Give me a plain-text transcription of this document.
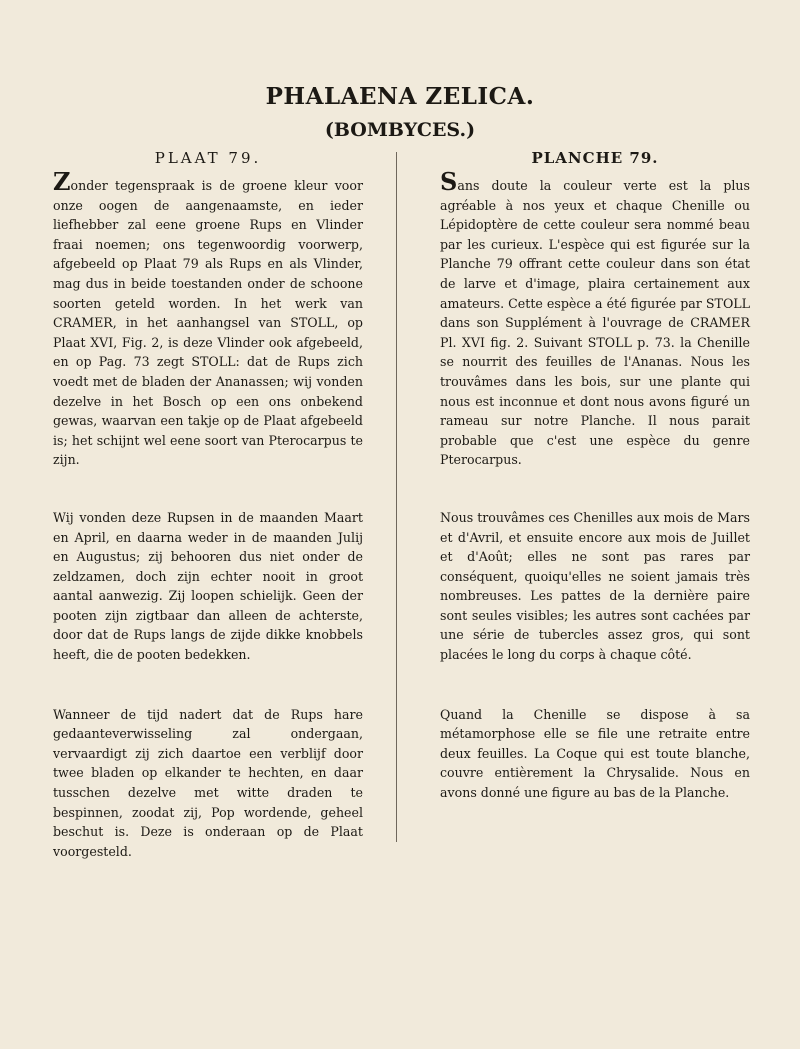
PHALAENA ZELICA.
(BOMBYCES.)
PLAAT 79.

Zonder tegenspraak is de groene kleur voor onze oogen de aangenaamste, en ieder liefhebber zal eene groene Rups en Vlinder fraai noemen; ons tegenwoordig voorwerp, afgebeeld op Plaat 79 als Rups en als Vlinder, mag dus in beide toestanden onder de schoone soorten geteld worden. In het werk van CRAMER, in het aanhangsel van STOLL, op Plaat XVI, Fig. 2, is deze Vlinder ook afgebeeld, en op Pag. 73 zegt STOLL: dat de Rups zich voedt met de bladen der Ananassen; wij vonden dezelve in het Bosch op een ons onbekend gewas, waarvan een takje op de Plaat afgebeeld is; het schijnt wel eene soort van Pterocarpus te zijn.

Wij vonden deze Rupsen in de maanden Maart en April, en daarna weder in de maanden Julij en Augustus; zij behooren dus niet onder de zeldzamen, doch zijn echter nooit in groot aantal aanwezig. Zij loopen schielijk. Geen der pooten zijn zigtbaar dan alleen de achterste, door dat de Rups langs de zijde dikke knobbels heeft, die de pooten bedekken.

Wanneer de tijd nadert dat de Rups hare gedaanteverwisseling zal ondergaan, vervaardigt zij zich daartoe een verblijf door twee bladen op elkander te hechten, en daar tusschen dezelve met witte draden te bespinnen, zoodat zij, Pop wordende, geheel beschut is. Deze is onderaan op de Plaat voorgesteld.

PLANCHE 79.

Sans doute la couleur verte est la plus agréable à nos yeux et chaque Chenille ou Lépidoptère de cette couleur sera nommé beau par les curieux. L'espèce qui est figurée sur la Planche 79 offrant cette couleur dans son état de larve et d'image, plaira certainement aux amateurs. Cette espèce a été figurée par STOLL dans son Supplément à l'ouvrage de CRAMER Pl. XVI fig. 2. Suivant STOLL p. 73. la Chenille se nourrit des feuilles de l'Ananas. Nous les trouvâmes dans les bois, sur une plante qui nous est inconnue et dont nous avons figuré un rameau sur notre Planche. Il nous parait probable que c'est une espèce du genre Pterocarpus.

Nous trouvâmes ces Chenilles aux mois de Mars et d'Avril, et ensuite encore aux mois de Juillet et d'Août; elles ne sont pas rares par conséquent, quoiqu'elles ne soient jamais très nombreuses. Les pattes de la dernière paire sont seules visibles; les autres sont cachées par une série de tubercles assez gros, qui sont placées le long du corps à chaque côté.

Quand la Chenille se dispose à sa métamorphose elle se file une retraite entre deux feuilles. La Coque qui est toute blanche, couvre entièrement la Chrysalide. Nous en avons donné une figure au bas de la Planche.
